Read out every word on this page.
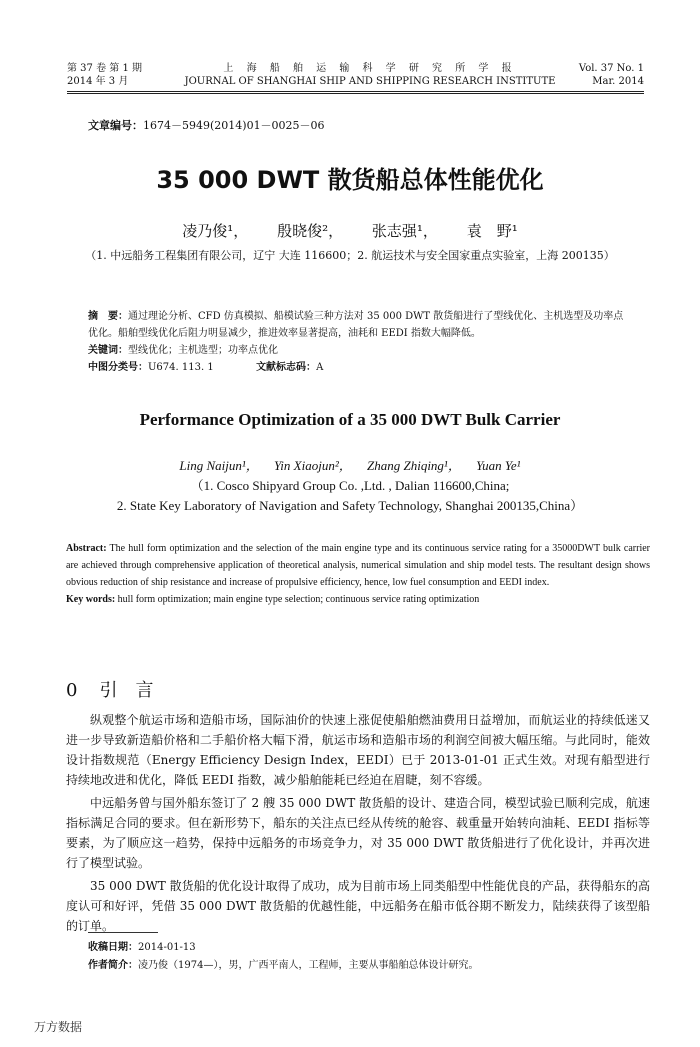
第 37 卷 第 1 期
2014 年 3 月
上 海 船 舶 运 输 科 学 研 究 所 学 报
JOURNAL OF SHANGHAI SHIP AND SHIPPING RESEARCH INSTITUTE
Vol. 37 No. 1
Mar. 2014
文章编号：1674－5949(2014)01－0025－06
35 000 DWT 散货船总体性能优化
凌乃俊¹， 殷晓俊²， 张志强¹， 袁　野¹
（1. 中远船务工程集团有限公司，辽宁 大连 116600；2. 航运技术与安全国家重点实验室，上海 200135）
摘　要：通过理论分析、CFD 仿真模拟、船模试验三种方法对 35 000 DWT 散货船进行了型线优化、主机选型及功率点优化。船舶型线优化后阻力明显减少，推进效率显著提高，油耗和 EEDI 指数大幅降低。
关键词：型线优化；主机选型；功率点优化
中图分类号：U674. 113. 1	文献标志码：A
Performance Optimization of a 35 000 DWT Bulk Carrier
Ling Naijun¹， Yin Xiaojun²， Zhang Zhiqing¹， Yuan Ye¹
（1. Cosco Shipyard Group Co. ,Ltd. , Dalian 116600,China;
2. State Key Laboratory of Navigation and Safety Technology, Shanghai 200135,China）
Abstract: The hull form optimization and the selection of the main engine type and its continuous service rating for a 35000DWT bulk carrier are achieved through comprehensive application of theoretical analysis, numerical simulation and ship model tests. The resultant design shows obvious reduction of ship resistance and increase of propulsive efficiency, hence, low fuel consumption and EEDI index.
Key words: hull form optimization; main engine type selection; continuous service rating optimization
0 引言

纵观整个航运市场和造船市场，国际油价的快速上涨促使船舶燃油费用日益增加，而航运业的持续低迷又进一步导致新造船价格和二手船价格大幅下滑，航运市场和造船市场的利润空间被大幅压缩。与此同时，能效设计指数规范（Energy Efficiency Design Index，EEDI）已于 2013-01-01 正式生效。对现有船型进行持续地改进和优化，降低 EEDI 指数，减少船舶能耗已经迫在眉睫，刻不容缓。

中远船务曾与国外船东签订了 2 艘 35 000 DWT 散货船的设计、建造合同，模型试验已顺利完成，航速指标满足合同的要求。但在新形势下，船东的关注点已经从传统的舱容、载重量开始转向油耗、EEDI 指标等要素，为了顺应这一趋势，保持中远船务的市场竞争力，对 35 000 DWT 散货船进行了优化设计，并再次进行了模型试验。

35 000 DWT 散货船的优化设计取得了成功，成为目前市场上同类船型中性能优良的产品，获得船东的高度认可和好评，凭借 35 000 DWT 散货船的优越性能，中远船务在船市低谷期不断发力，陆续获得了该型船的订单。

收稿日期：2014-01-13
作者简介：凌乃俊（1974—），男，广西平南人，工程师，主要从事船舶总体设计研究。
万方数据
